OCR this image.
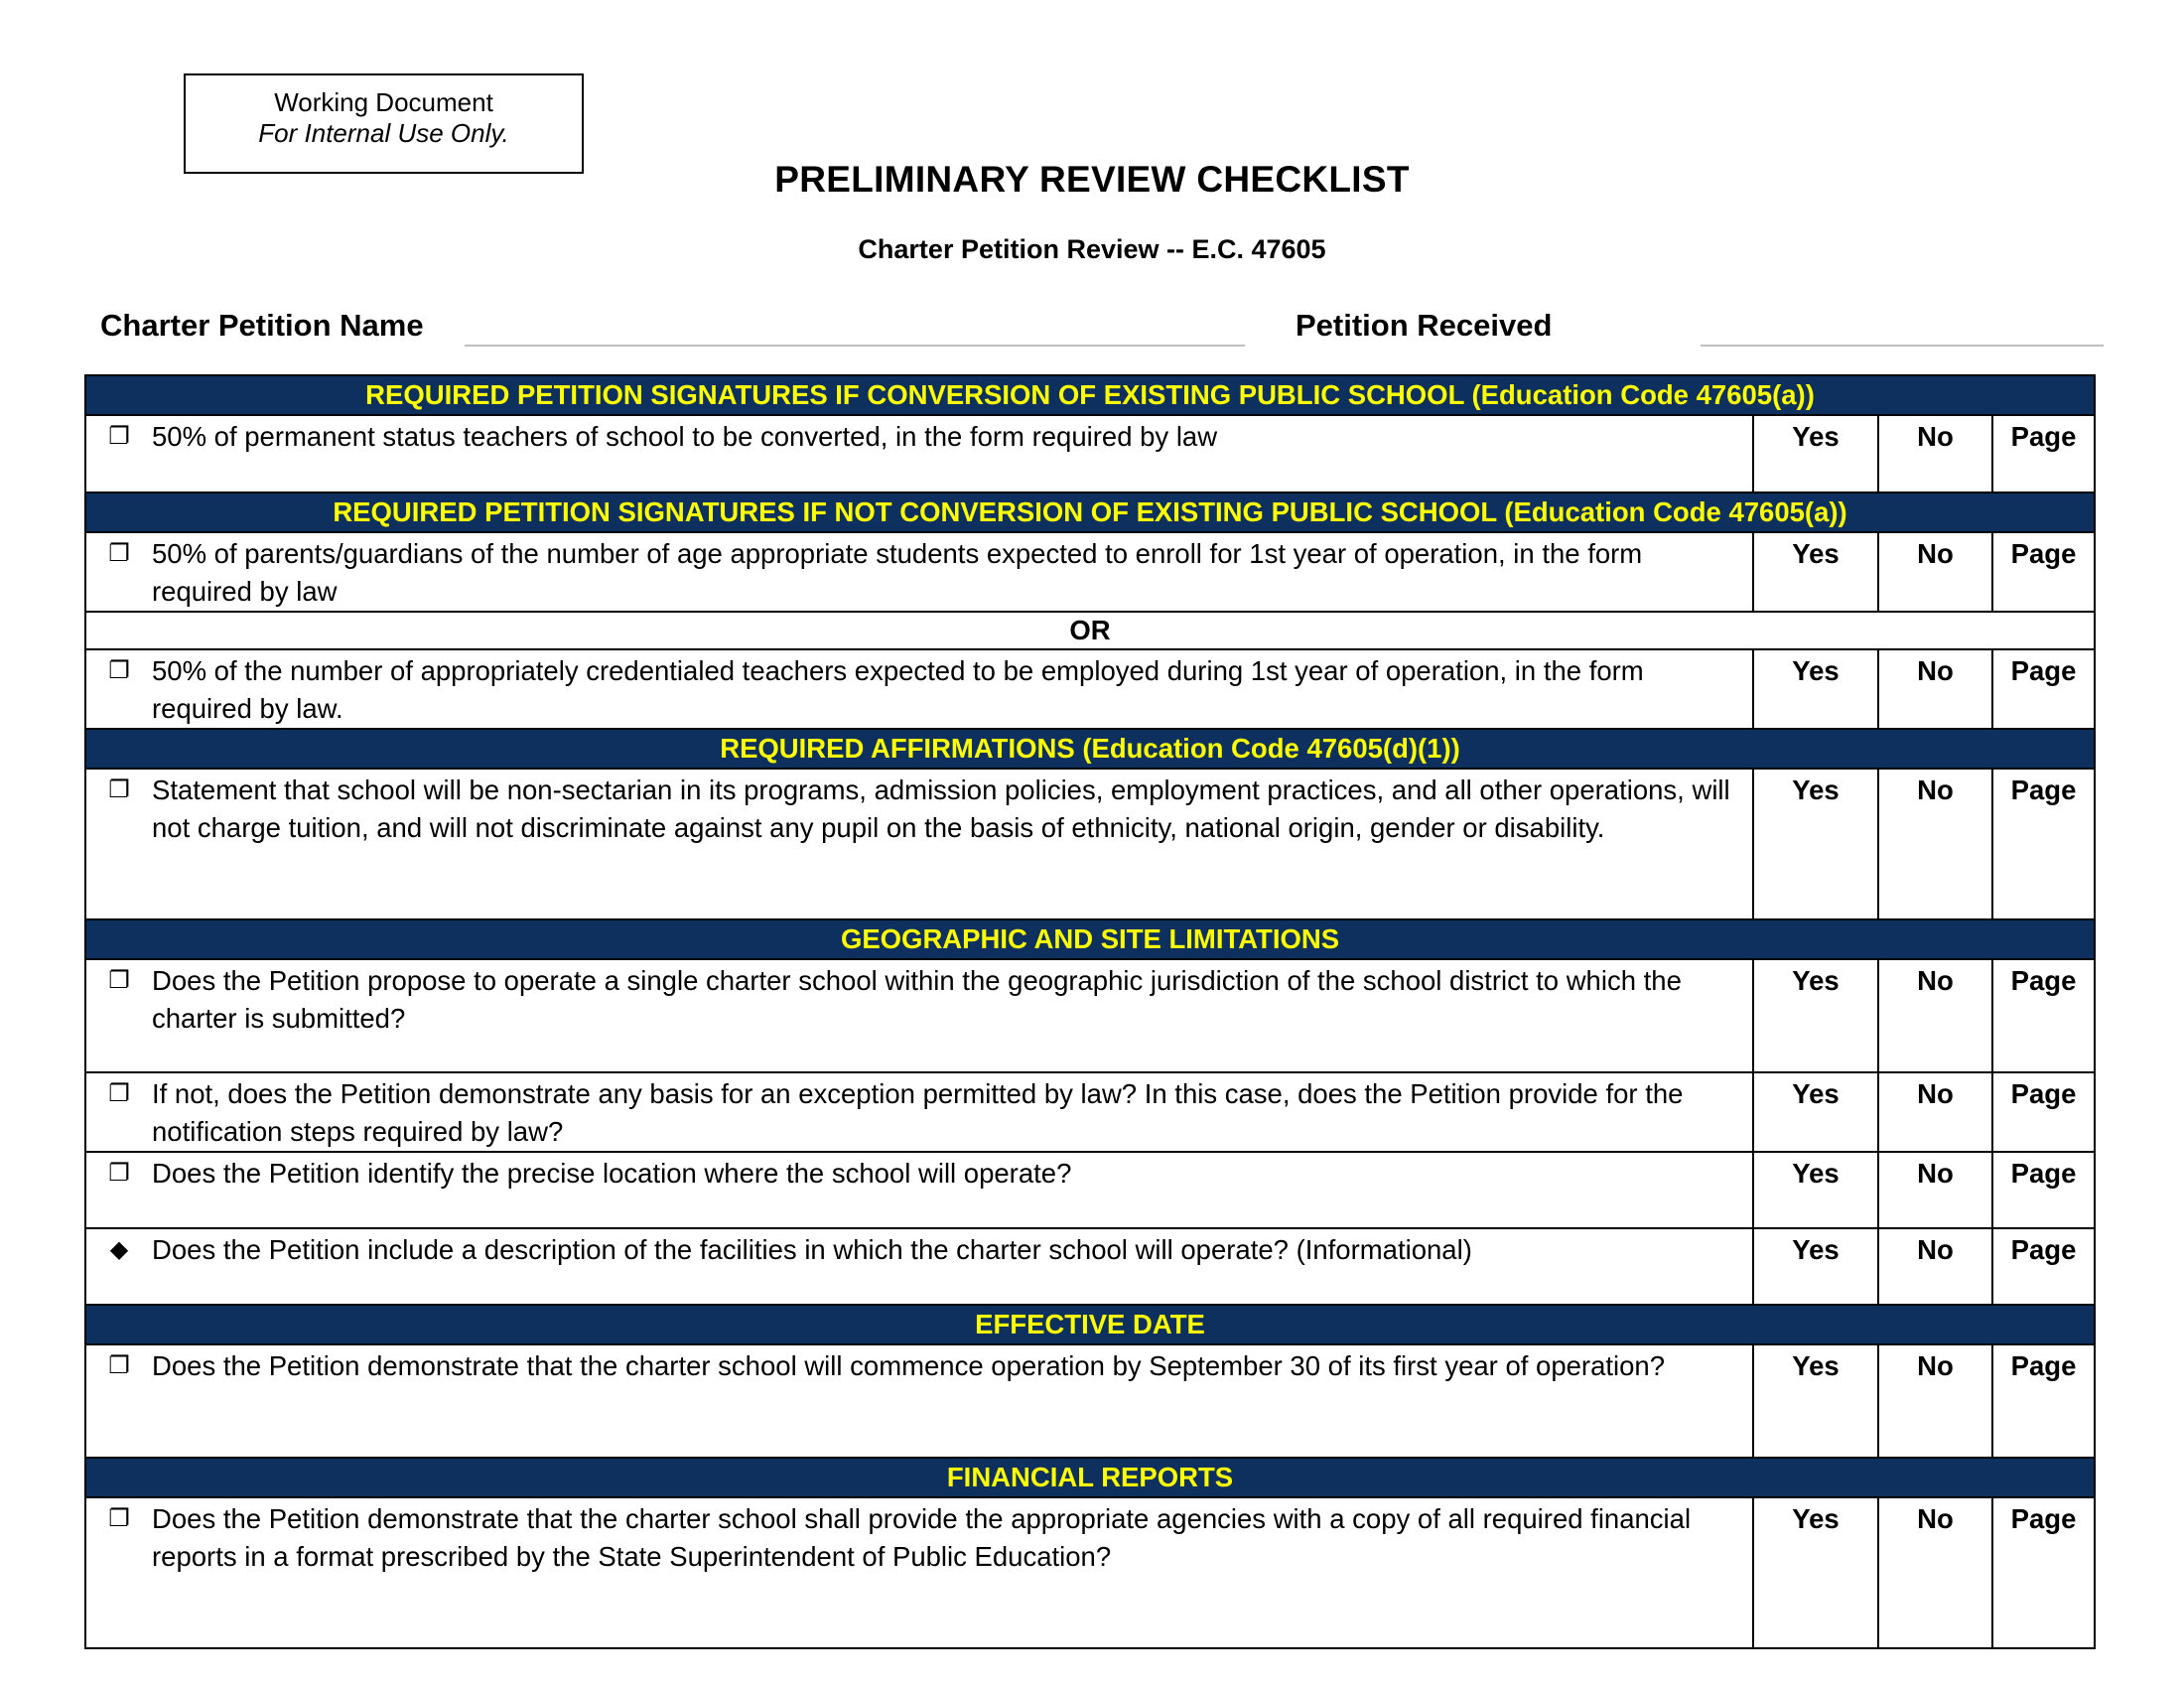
Working Document
For Internal Use Only.
PRELIMINARY REVIEW CHECKLIST
Charter Petition Review -- E.C. 47605
Charter Petition Name	Petition Received
REQUIRED PETITION SIGNATURES IF CONVERSION OF EXISTING PUBLIC SCHOOL (Education Code 47605(a))			

❐ 50% of permanent status teachers of school to be converted, in the form required by law	Yes	No	Page
REQUIRED PETITION SIGNATURES IF NOT CONVERSION OF EXISTING PUBLIC SCHOOL (Education Code 47605(a))			

❐ 50% of parents/guardians of the number of age appropriate students expected to enroll for 1st year of operation, in the form required by law	Yes	No	Page
OR			

❐ 50% of the number of appropriately credentialed teachers expected to be employed during 1st year of operation, in the form required by law.	Yes	No	Page
REQUIRED AFFIRMATIONS (Education Code 47605(d)(1))			

❐ Statement that school will be non-sectarian in its programs, admission policies, employment practices, and all other operations, will not charge tuition, and will not discriminate against any pupil on the basis of ethnicity, national origin, gender or disability.	Yes	No	Page
GEOGRAPHIC AND SITE LIMITATIONS			

❐ Does the Petition propose to operate a single charter school within the geographic jurisdiction of the school district to which the charter is submitted?	Yes	No	Page

❐ If not, does the Petition demonstrate any basis for an exception permitted by law? In this case, does the Petition provide for the notification steps required by law?	Yes	No	Page

❐ Does the Petition identify the precise location where the school will operate?	Yes	No	Page

◆ Does the Petition include a description of the facilities in which the charter school will operate? (Informational)	Yes	No	Page
EFFECTIVE DATE			

❐ Does the Petition demonstrate that the charter school will commence operation by September 30 of its first year of operation?	Yes	No	Page
FINANCIAL REPORTS			

❐ Does the Petition demonstrate that the charter school shall provide the appropriate agencies with a copy of all required financial reports in a format prescribed by the State Superintendent of Public Education?	Yes	No	Page
